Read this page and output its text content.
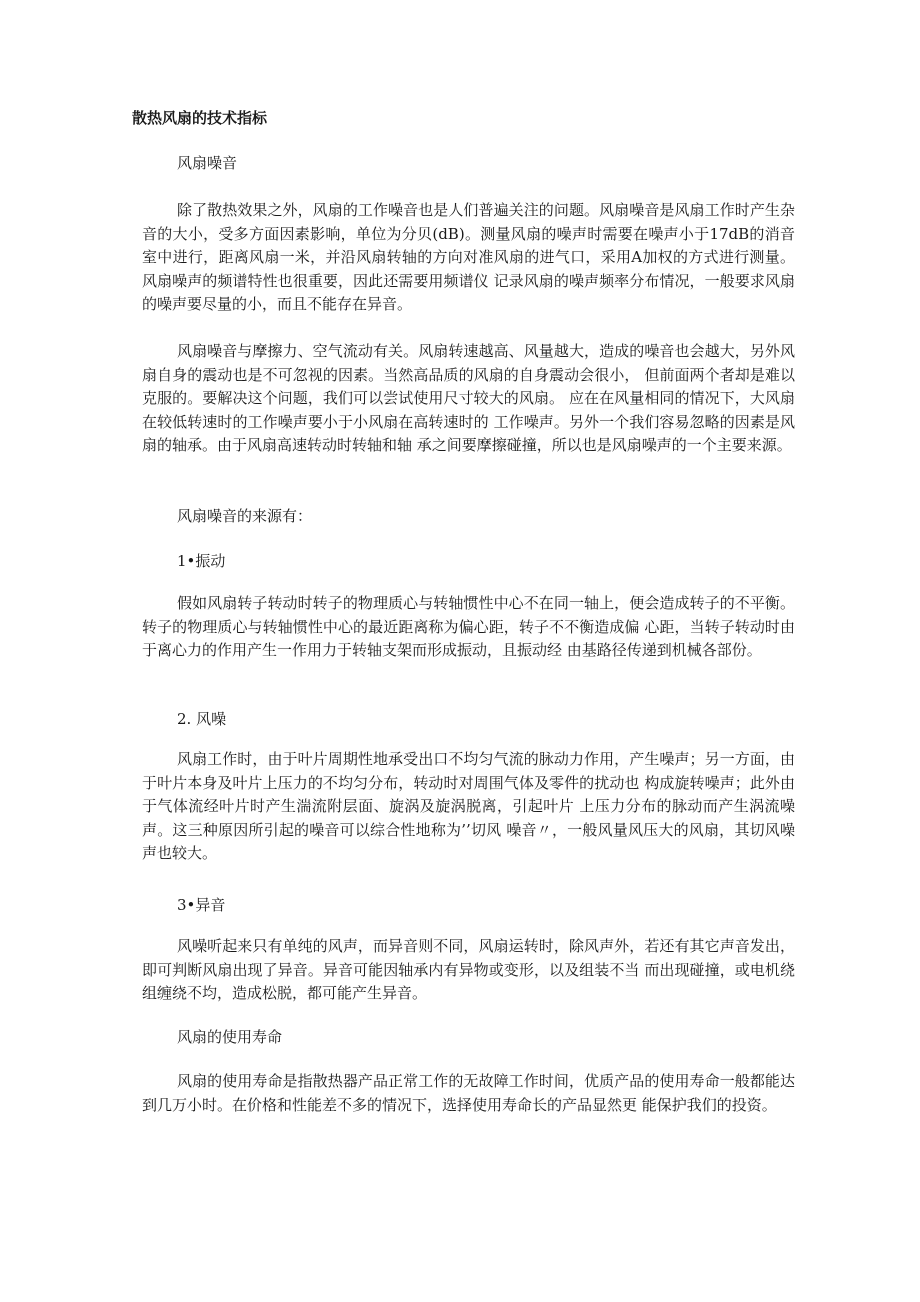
散热风扇的技术指标
风扇噪音

除了散热效果之外，风扇的工作噪音也是人们普遍关注的问题。风扇噪音是风扇工作时产生杂音的大小，受多方面因素影响，单位为分贝(dB)。测量风扇的噪声时需要在噪声小于17dB的消音室中进行，距离风扇一米，并沿风扇转轴的方向对准风扇的进气口，采用A加权的方式进行测量。风扇噪声的频谱特性也很重要，因此还需要用频谱仪 记录风扇的噪声频率分布情况，一般要求风扇的噪声要尽量的小，而且不能存在异音。

风扇噪音与摩擦力、空气流动有关。风扇转速越高、风量越大，造成的噪音也会越大，另外风扇自身的震动也是不可忽视的因素。当然高品质的风扇的自身震动会很小， 但前面两个者却是难以克服的。要解决这个问题，我们可以尝试使用尺寸较大的风扇。 应在在风量相同的情况下，大风扇在较低转速时的工作噪声要小于小风扇在高转速时的 工作噪声。另外一个我们容易忽略的因素是风扇的轴承。由于风扇高速转动时转轴和轴 承之间要摩擦碰撞，所以也是风扇噪声的一个主要来源。

风扇噪音的来源有：

1•振动

假如风扇转子转动时转子的物理质心与转轴惯性中心不在同一轴上，便会造成转子的不平衡。转子的物理质心与转轴惯性中心的最近距离称为偏心距，转子不不衡造成偏 心距，当转子转动时由于离心力的作用产生一作用力于转轴支架而形成振动，且振动经 由基路径传递到机械各部份。

2. 风噪

风扇工作时，由于叶片周期性地承受出口不均匀气流的脉动力作用，产生噪声；另一方面，由于叶片本身及叶片上压力的不均匀分布，转动时对周围气体及零件的扰动也 构成旋转噪声；此外由于气体流经叶片时产生湍流附层面、旋涡及旋涡脱离，引起叶片 上压力分布的脉动而产生涡流噪声。这三种原因所引起的噪音可以综合性地称为’’切风 噪音〃，一般风量风压大的风扇，其切风噪声也较大。

3•异音

风噪听起来只有单纯的风声，而异音则不同，风扇运转时，除风声外，若还有其它声音发出，即可判断风扇出现了异音。异音可能因轴承内有异物或变形，以及组装不当 而出现碰撞，或电机绕组缠绕不均，造成松脱，都可能产生异音。

风扇的使用寿命

风扇的使用寿命是指散热器产品正常工作的无故障工作时间，优质产品的使用寿命一般都能达到几万小时。在价格和性能差不多的情况下，选择使用寿命长的产品显然更 能保护我们的投资。
